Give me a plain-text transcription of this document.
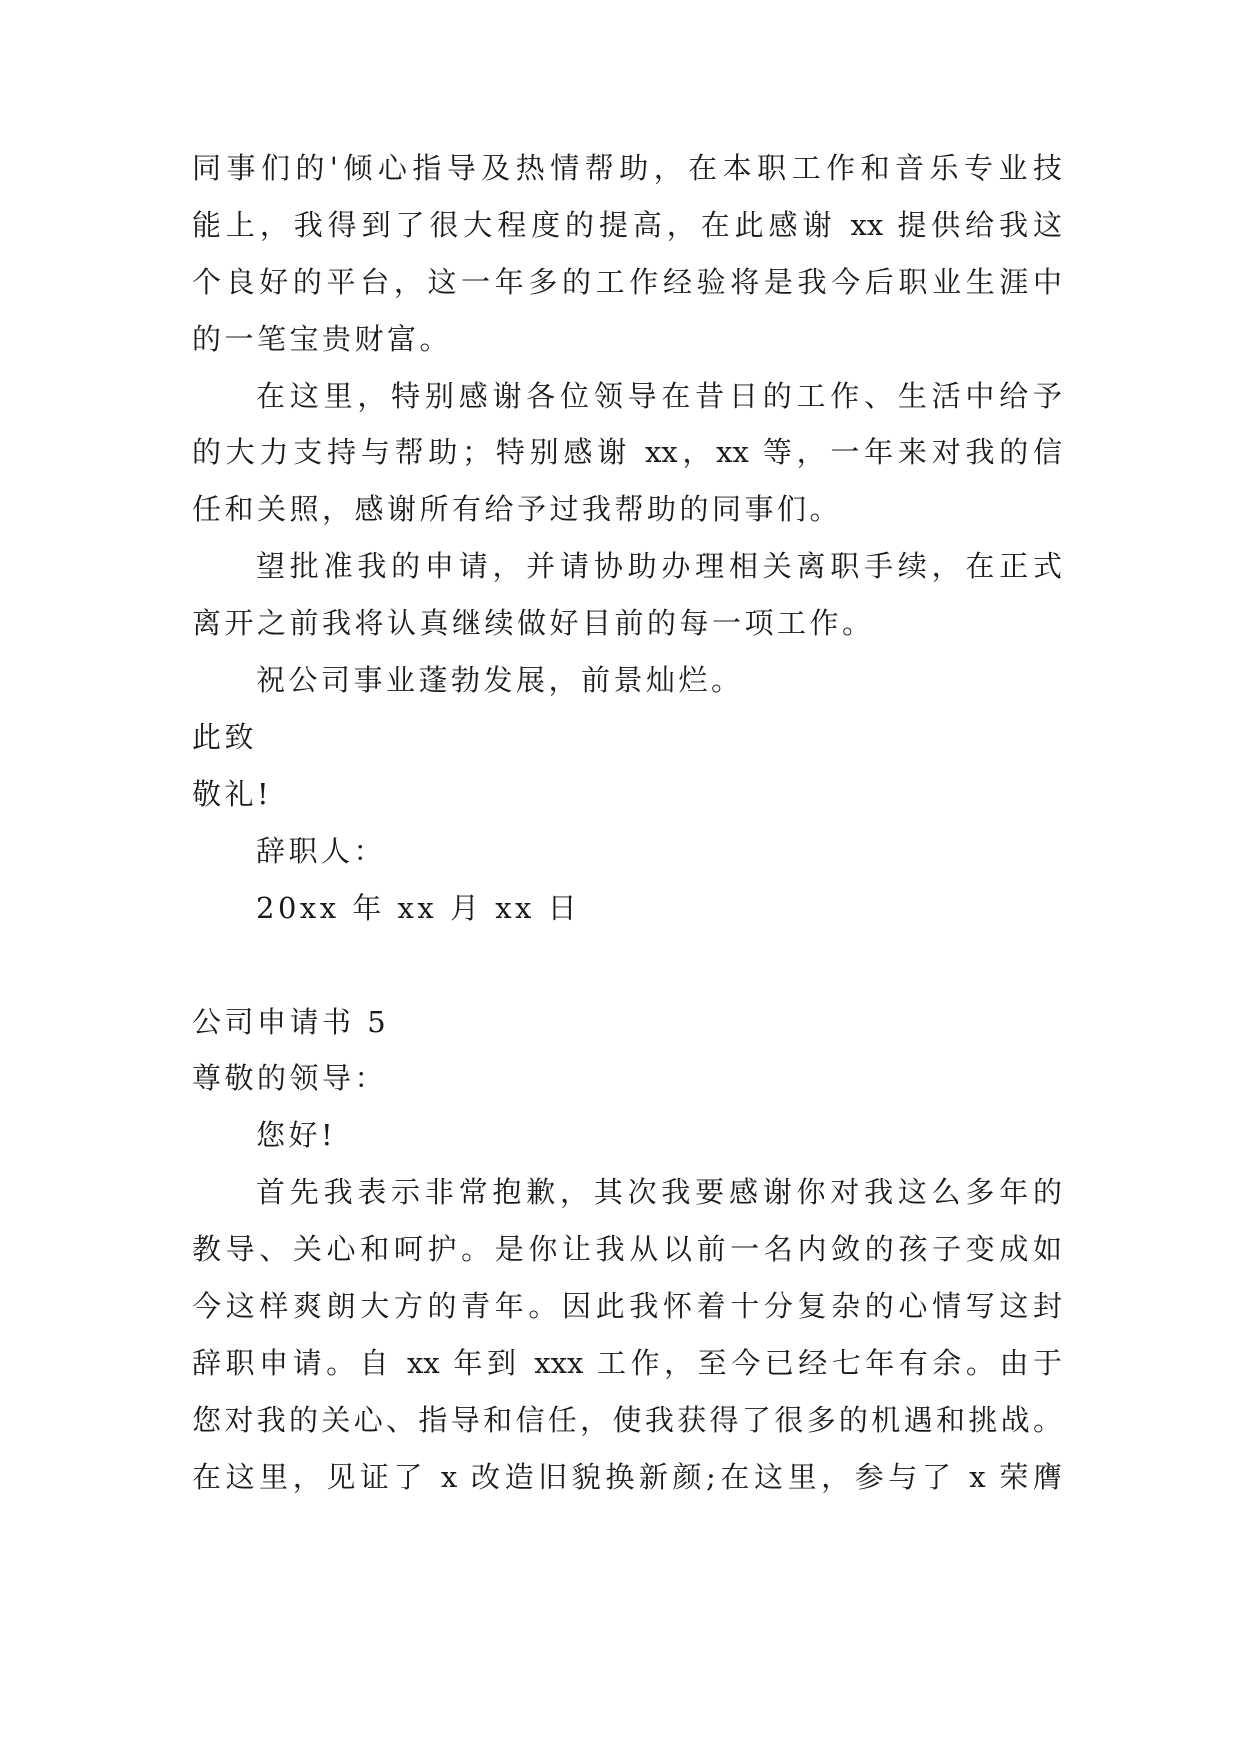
同事们的'倾心指导及热情帮助，在本职工作和音乐专业技
能上，我得到了很大程度的提高，在此感谢 xx 提供给我这
个良好的平台，这一年多的工作经验将是我今后职业生涯中
的一笔宝贵财富。
在这里，特别感谢各位领导在昔日的工作、生活中给予
的大力支持与帮助；特别感谢 xx，xx 等，一年来对我的信
任和关照，感谢所有给予过我帮助的同事们。
望批准我的申请，并请协助办理相关离职手续，在正式
离开之前我将认真继续做好目前的每一项工作。
祝公司事业蓬勃发展，前景灿烂。
此致
敬礼!
辞职人：
20xx 年 xx 月 xx 日
公司申请书 5
尊敬的领导：
您好!
首先我表示非常抱歉，其次我要感谢你对我这么多年的
教导、关心和呵护。是你让我从以前一名内敛的孩子变成如
今这样爽朗大方的青年。因此我怀着十分复杂的心情写这封
辞职申请。自 xx 年到 xxx 工作，至今已经七年有余。由于
您对我的关心、指导和信任，使我获得了很多的机遇和挑战。
在这里，见证了 x 改造旧貌换新颜;在这里，参与了 x 荣膺
